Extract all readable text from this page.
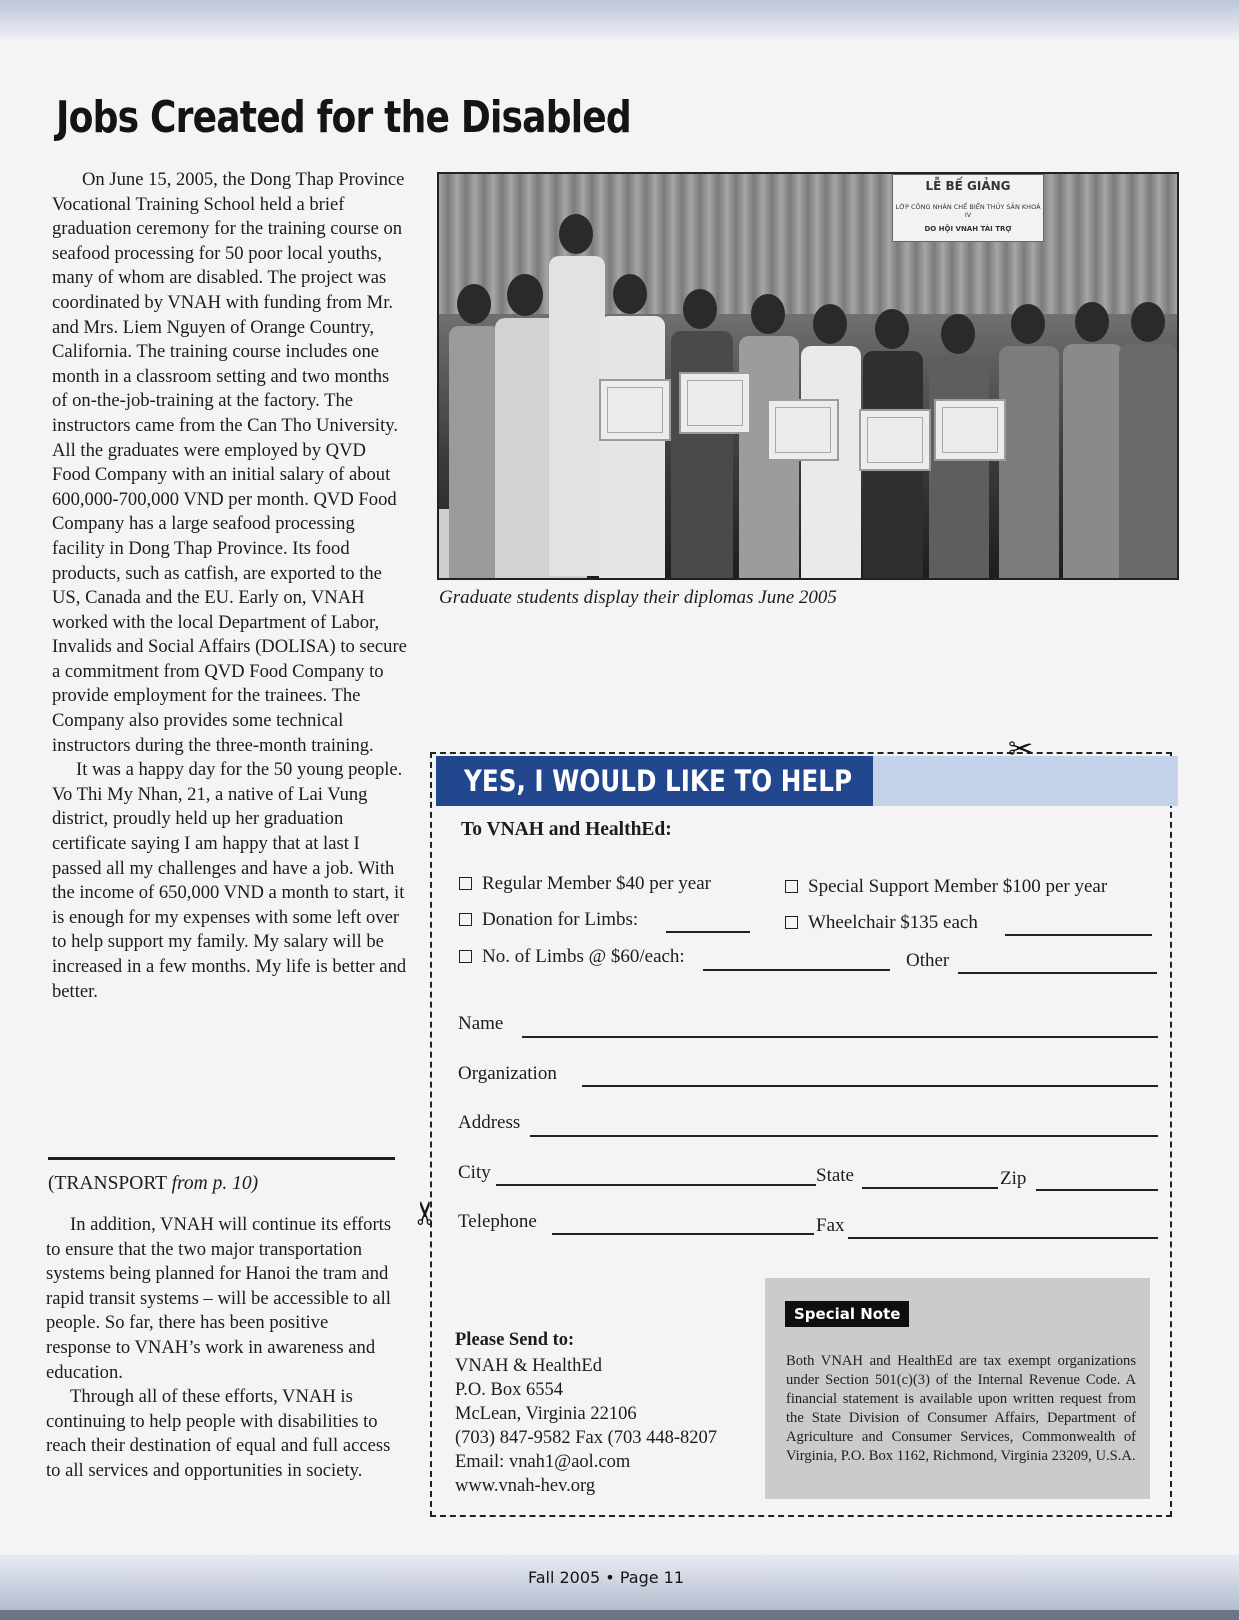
Jobs Created for the Disabled

On June 15, 2005, the Dong Thap Province Vocational Training School held a brief graduation ceremony for the training course on seafood processing for 50 poor local youths, many of whom are disabled. The project was coordinated by VNAH with funding from Mr. and Mrs. Liem Nguyen of Orange Country, California. The training course includes one month in a classroom setting and two months of on-the-job-training at the factory. The instructors came from the Can Tho University. All the graduates were employed by QVD Food Company with an initial salary of about 600,000-700,000 VND per month. QVD Food Company has a large seafood processing facility in Dong Thap Province. Its food products, such as catfish, are exported to the US, Canada and the EU. Early on, VNAH worked with the local Department of Labor, Invalids and Social Affairs (DOLISA) to secure a commitment from QVD Food Company to provide employment for the trainees. The Company also provides some technical instructors during the three-month training.

It was a happy day for the 50 young people. Vo Thi My Nhan, 21, a native of Lai Vung district, proudly held up her graduation certificate saying I am happy that at last I passed all my challenges and have a job. With the income of 650,000 VND a month to start, it is enough for my expenses with some left over to help support my family. My salary will be increased in a few months. My life is better and better.

(TRANSPORT from p. 10)

In addition, VNAH will continue its efforts to ensure that the two major transportation systems being planned for Hanoi the tram and rapid transit systems – will be accessible to all people. So far, there has been positive response to VNAH’s work in awareness and education.

Through all of these efforts, VNAH is continuing to help people with disabilities to reach their destination of equal and full access to all services and opportunities in society.

LỄ BẾ GIẢNG
LỚP CÔNG NHÂN CHẾ BIẾN THỦY SẢN KHOÁ IV
DO HỘI VNAH TÀI TRỢ
Graduate students display their diplomas June 2005
YES, I WOULD LIKE TO HELP
✂
✂
To VNAH and HealthEd:
Regular Member $40 per year	Special Support Member $100 per year
Donation for Limbs:	Wheelchair $135 each
No. of Limbs @ $60/each:	Other
Name
Organization
Address
City	State	Zip
Telephone	Fax
Please Send to:
VNAH & HealthEd
P.O. Box 6554
McLean, Virginia 22106
(703) 847-9582 Fax (703 448-8207
Email: vnah1@aol.com
www.vnah-hev.org
Special Note
Both VNAH and HealthEd are tax exempt organizations under Section 501(c)(3) of the Internal Revenue Code. A financial statement is available upon written request from the State Division of Consumer Affairs, Department of Agriculture and Consumer Services, Commonwealth of Virginia, P.O. Box 1162, Richmond, Virginia 23209, U.S.A.
Fall 2005 • Page 11
